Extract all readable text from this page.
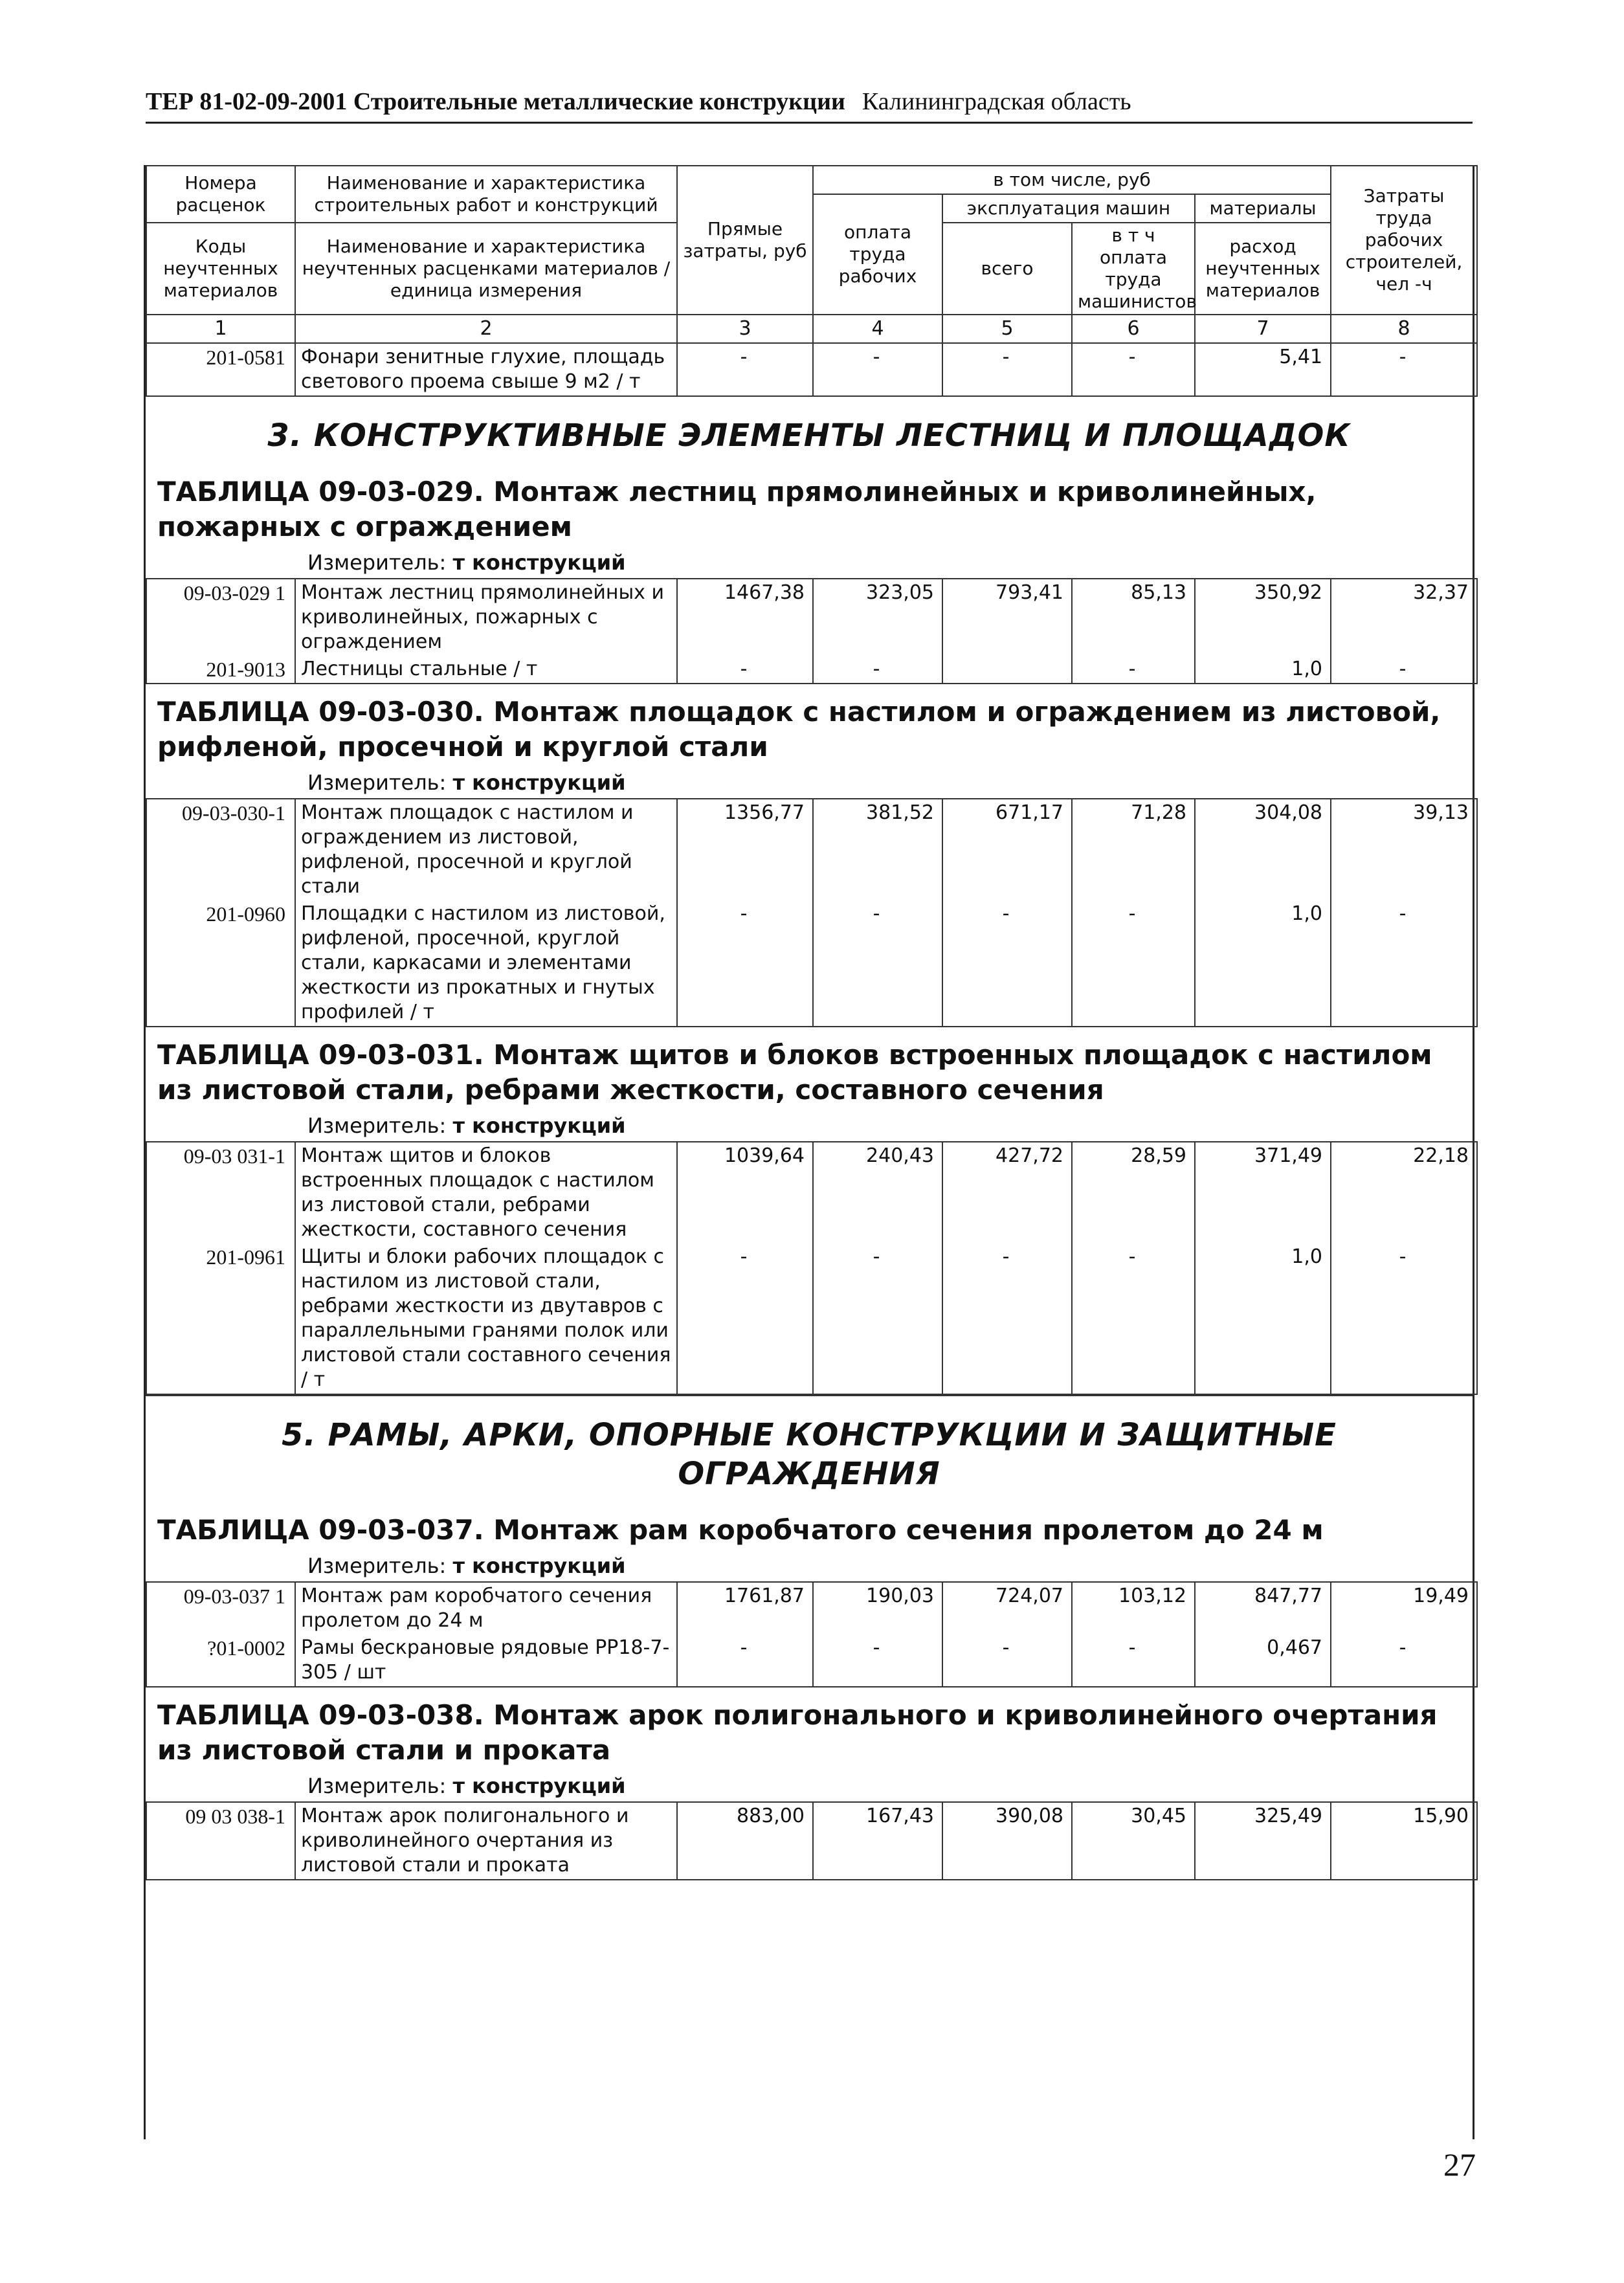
ТЕР 81-02-09-2001 Строительные металлические конструкции Калининградская область
Номера расценок	Наименование и характеристика строительных работ и конструкций	Прямые затраты, руб	в том числе, руб				Затраты труда рабочих строителей, чел -ч
			оплата труда рабочих	эксплуатация машин		материалы	
Коды неучтенных материалов	Наименование и характеристика неучтенных расценками материалов / единица измерения			всего	в т ч оплата труда машинистов	расход неучтенных материалов	

1	2	3	4	5	6	7	8
201-0581	Фонари зенитные глухие, площадь светового проема свыше 9 м2 / т	-	-	-	-	5,41	-
3. КОНСТРУКТИВНЫЕ ЭЛЕМЕНТЫ ЛЕСТНИЦ И ПЛОЩАДОК
ТАБЛИЦА 09-03-029. Монтаж лестниц прямолинейных и криволинейных, пожарных с ограждением
Измеритель: т конструкций
09-03-029 1	Монтаж лестниц прямолинейных и криволинейных, пожарных с ограждением	1467,38	323,05	793,41	85,13	350,92	32,37
201-9013	Лестницы стальные / т	-	-		-	1,0	-
ТАБЛИЦА 09-03-030. Монтаж площадок с настилом и ограждением из листовой, рифленой, просечной и круглой стали
Измеритель: т конструкций
09-03-030-1	Монтаж площадок с настилом и ограждением из листовой, рифленой, просечной и круглой стали	1356,77	381,52	671,17	71,28	304,08	39,13
201-0960	Площадки с настилом из листовой, рифленой, просечной, круглой стали, каркасами и элементами жесткости из прокатных и гнутых профилей / т	-	-	-	-	1,0	-
ТАБЛИЦА 09-03-031. Монтаж щитов и блоков встроенных площадок с настилом из листовой стали, ребрами жесткости, составного сечения
Измеритель: т конструкций
09-03 031-1	Монтаж щитов и блоков встроенных площадок с настилом из листовой стали, ребрами жесткости, составного сечения	1039,64	240,43	427,72	28,59	371,49	22,18
201-0961	Щиты и блоки рабочих площадок с настилом из листовой стали, ребрами жесткости из двутавров с параллельными гранями полок или листовой стали составного сечения / т	-	-	-	-	1,0	-
5. РАМЫ, АРКИ, ОПОРНЫЕ КОНСТРУКЦИИ И ЗАЩИТНЫЕ ОГРАЖДЕНИЯ
ТАБЛИЦА 09-03-037. Монтаж рам коробчатого сечения пролетом до 24 м
Измеритель: т конструкций
09-03-037 1	Монтаж рам коробчатого сечения пролетом до 24 м	1761,87	190,03	724,07	103,12	847,77	19,49
?01-0002	Рамы бескрановые рядовые РР18-7-305 / шт	-	-	-	-	0,467	-
ТАБЛИЦА 09-03-038. Монтаж арок полигонального и криволинейного очертания из листовой стали и проката
Измеритель: т конструкций
09 03 038-1	Монтаж арок полигонального и криволинейного очертания из листовой стали и проката	883,00	167,43	390,08	30,45	325,49	15,90
27
